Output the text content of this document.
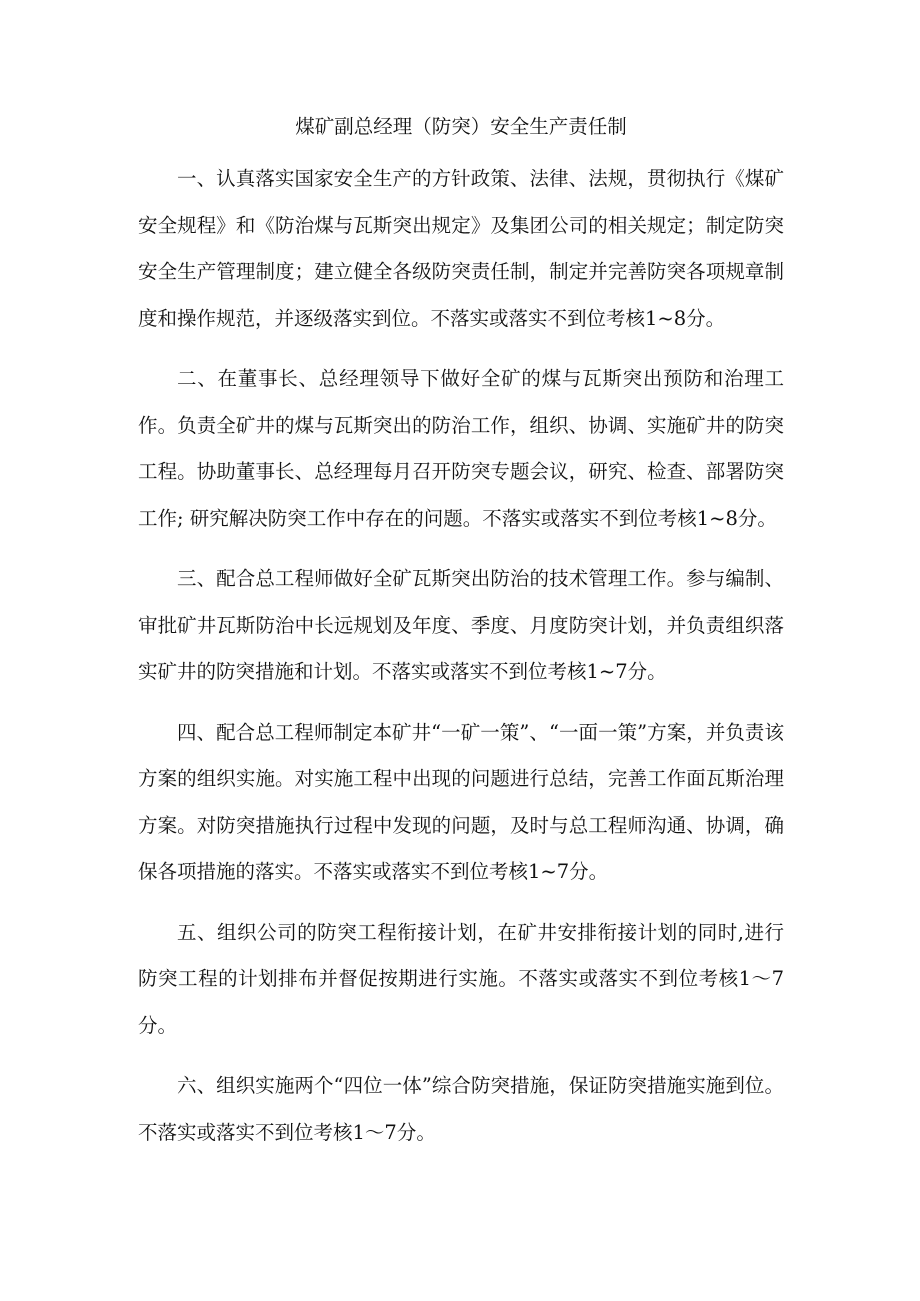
煤矿副总经理（防突）安全生产责任制

一、认真落实国家安全生产的方针政策、法律、法规，贯彻执行《煤矿安全规程》和《防治煤与瓦斯突出规定》及集团公司的相关规定；制定防突安全生产管理制度；建立健全各级防突责任制，制定并完善防突各项规章制度和操作规范，并逐级落实到位。不落实或落实不到位考核1~8分。

二、在董事长、总经理领导下做好全矿的煤与瓦斯突出预防和治理工作。负责全矿井的煤与瓦斯突出的防治工作，组织、协调、实施矿井的防突工程。协助董事长、总经理每月召开防突专题会议，研究、检查、部署防突工作; 研究解决防突工作中存在的问题。不落实或落实不到位考核1~8分。

三、配合总工程师做好全矿瓦斯突出防治的技术管理工作。参与编制、审批矿井瓦斯防治中长远规划及年度、季度、月度防突计划，并负责组织落实矿井的防突措施和计划。不落实或落实不到位考核1~7分。

四、配合总工程师制定本矿井“一矿一策”、“一面一策”方案，并负责该方案的组织实施。对实施工程中出现的问题进行总结，完善工作面瓦斯治理方案。对防突措施执行过程中发现的问题，及时与总工程师沟通、协调，确保各项措施的落实。不落实或落实不到位考核1~7分。

五、组织公司的防突工程衔接计划，在矿井安排衔接计划的同时,进行防突工程的计划排布并督促按期进行实施。不落实或落实不到位考核1～7分。

六、组织实施两个“四位一体”综合防突措施，保证防突措施实施到位。不落实或落实不到位考核1～7分。
